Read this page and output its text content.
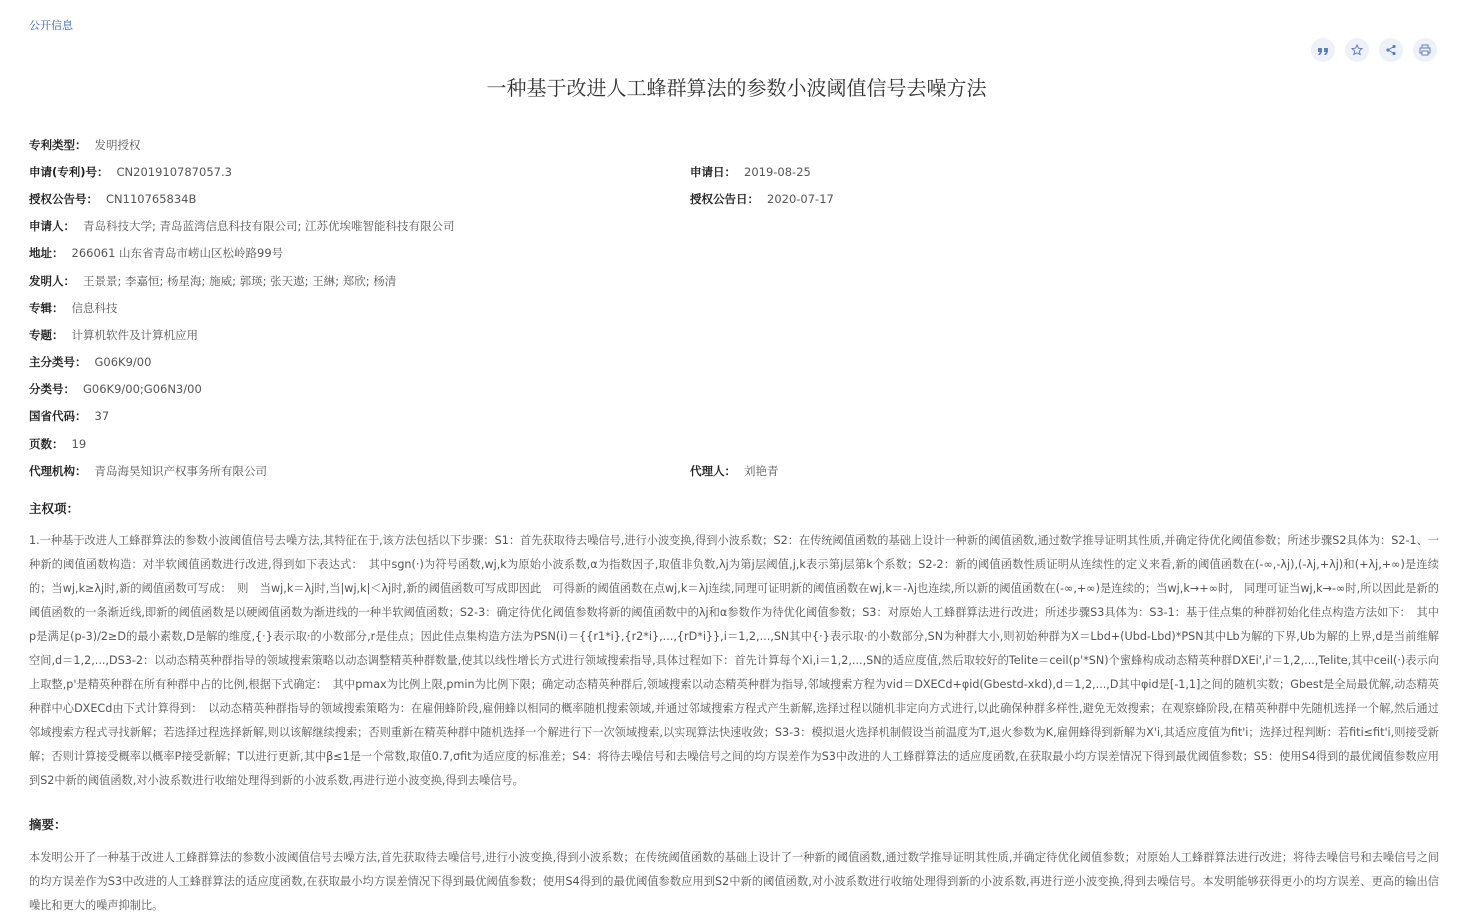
公开信息
一种基于改进人工蜂群算法的参数小波阈值信号去噪方法
专利类型： 发明授权
申请(专利)号： CN201910787057.3	申请日： 2019-08-25
授权公告号： CN110765834B	授权公告日： 2020-07-17
申请人： 青岛科技大学; 青岛蓝湾信息科技有限公司; 江苏优埃唯智能科技有限公司
地址： 266061 山东省青岛市崂山区松岭路99号
发明人： 王景景; 李嘉恒; 杨星海; 施威; 郭瑛; 张天遨; 王綝; 郑欣; 杨清
专辑： 信息科技
专题： 计算机软件及计算机应用
主分类号： G06K9/00
分类号： G06K9/00;G06N3/00
国省代码： 37
页数： 19
代理机构： 青岛海昊知识产权事务所有限公司	代理人： 刘艳青
主权项：

1.一种基于改进人工蜂群算法的参数小波阈值信号去噪方法,其特征在于,该方法包括以下步骤：S1：首先获取待去噪信号,进行小波变换,得到小波系数；S2：在传统阈值函数的基础上设计一种新的阈值函数,通过数学推导证明其性质,并确定待优化阈值参数；所述步骤S2具体为：S2-1、一种新的阈值函数构造：对半软阈值函数进行改进,得到如下表达式：　其中sgn(·)为符号函数,wj,k为原始小波系数,α为指数因子,取值非负数,λj为第j层阈值,j,k表示第j层第k个系数；S2-2：新的阈值函数性质证明从连续性的定义来看,新的阈值函数在(-∞,-λj),(-λj,+λj)和(+λj,+∞)是连续的；当wj,k≥λj时,新的阈值函数可写成：　则　当wj,k＝λj时,当|wj,k|＜λj时,新的阈值函数可写成即因此　可得新的阈值函数在点wj,k＝λj连续,同理可证明新的阈值函数在wj,k＝-λj也连续,所以新的阈值函数在(-∞,+∞)是连续的；当wj,k→+∞时,　同理可证当wj,k→-∞时,所以因此是新的阈值函数的一条渐近线,即新的阈值函数是以硬阈值函数为渐进线的一种半软阈值函数；S2-3：确定待优化阈值参数将新的阈值函数中的λj和α参数作为待优化阈值参数；S3：对原始人工蜂群算法进行改进；所述步骤S3具体为：S3-1：基于佳点集的种群初始化佳点构造方法如下：　其中p是满足(p-3)/2≥D的最小素数,D是解的维度,{·}表示取·的小数部分,r是佳点；因此佳点集构造方法为PSN(i)＝{{r1*i},{r2*i},...,{rD*i}},i＝1,2,...,SN其中{·}表示取·的小数部分,SN为种群大小,则初始种群为X＝Lbd+(Ubd-Lbd)*PSN其中Lb为解的下界,Ub为解的上界,d是当前维解空间,d＝1,2,...,DS3-2：以动态精英种群指导的领域搜索策略以动态调整精英种群数量,使其以线性增长方式进行领域搜索指导,具体过程如下：首先计算每个Xi,i＝1,2,...,SN的适应度值,然后取较好的Telite＝ceil(p'*SN)个蜜蜂构成动态精英种群DXEi',i'＝1,2,...,Telite,其中ceil(·)表示向上取整,p'是精英种群在所有种群中占的比例,根据下式确定：　其中pmax为比例上限,pmin为比例下限；确定动态精英种群后,领域搜索以动态精英种群为指导,邻域搜索方程为vid＝DXECd+φid(Gbestd-xkd),d＝1,2,...,D其中φid是[-1,1]之间的随机实数；Gbest是全局最优解,动态精英种群中心DXECd由下式计算得到：　以动态精英种群指导的领域搜索策略为：在雇佣蜂阶段,雇佣蜂以相同的概率随机搜索领域,并通过邻域搜索方程式产生新解,选择过程以随机非定向方式进行,以此确保种群多样性,避免无效搜索；在观察蜂阶段,在精英种群中先随机选择一个解,然后通过邻域搜索方程式寻找新解；若选择过程选择新解,则以该解继续搜索；否则重新在精英种群中随机选择一个解进行下一次领域搜索,以实现算法快速收敛；S3-3：模拟退火选择机制假设当前温度为T,退火参数为K,雇佣蜂得到新解为X'i,其适应度值为fit'i；选择过程判断：若fiti≤fit'i,则接受新解；否则计算接受概率以概率P接受新解；T以进行更新,其中β≤1是一个常数,取值0.7,σfit为适应度的标准差；S4：将待去噪信号和去噪信号之间的均方误差作为S3中改进的人工蜂群算法的适应度函数,在获取最小均方误差情况下得到最优阈值参数；S5：使用S4得到的最优阈值参数应用到S2中新的阈值函数,对小波系数进行收缩处理得到新的小波系数,再进行逆小波变换,得到去噪信号。

摘要：

本发明公开了一种基于改进人工蜂群算法的参数小波阈值信号去噪方法,首先获取待去噪信号,进行小波变换,得到小波系数；在传统阈值函数的基础上设计了一种新的阈值函数,通过数学推导证明其性质,并确定待优化阈值参数；对原始人工蜂群算法进行改进；将待去噪信号和去噪信号之间的均方误差作为S3中改进的人工蜂群算法的适应度函数,在获取最小均方误差情况下得到最优阈值参数；使用S4得到的最优阈值参数应用到S2中新的阈值函数,对小波系数进行收缩处理得到新的小波系数,再进行逆小波变换,得到去噪信号。本发明能够获得更小的均方误差、更高的输出信噪比和更大的噪声抑制比。
